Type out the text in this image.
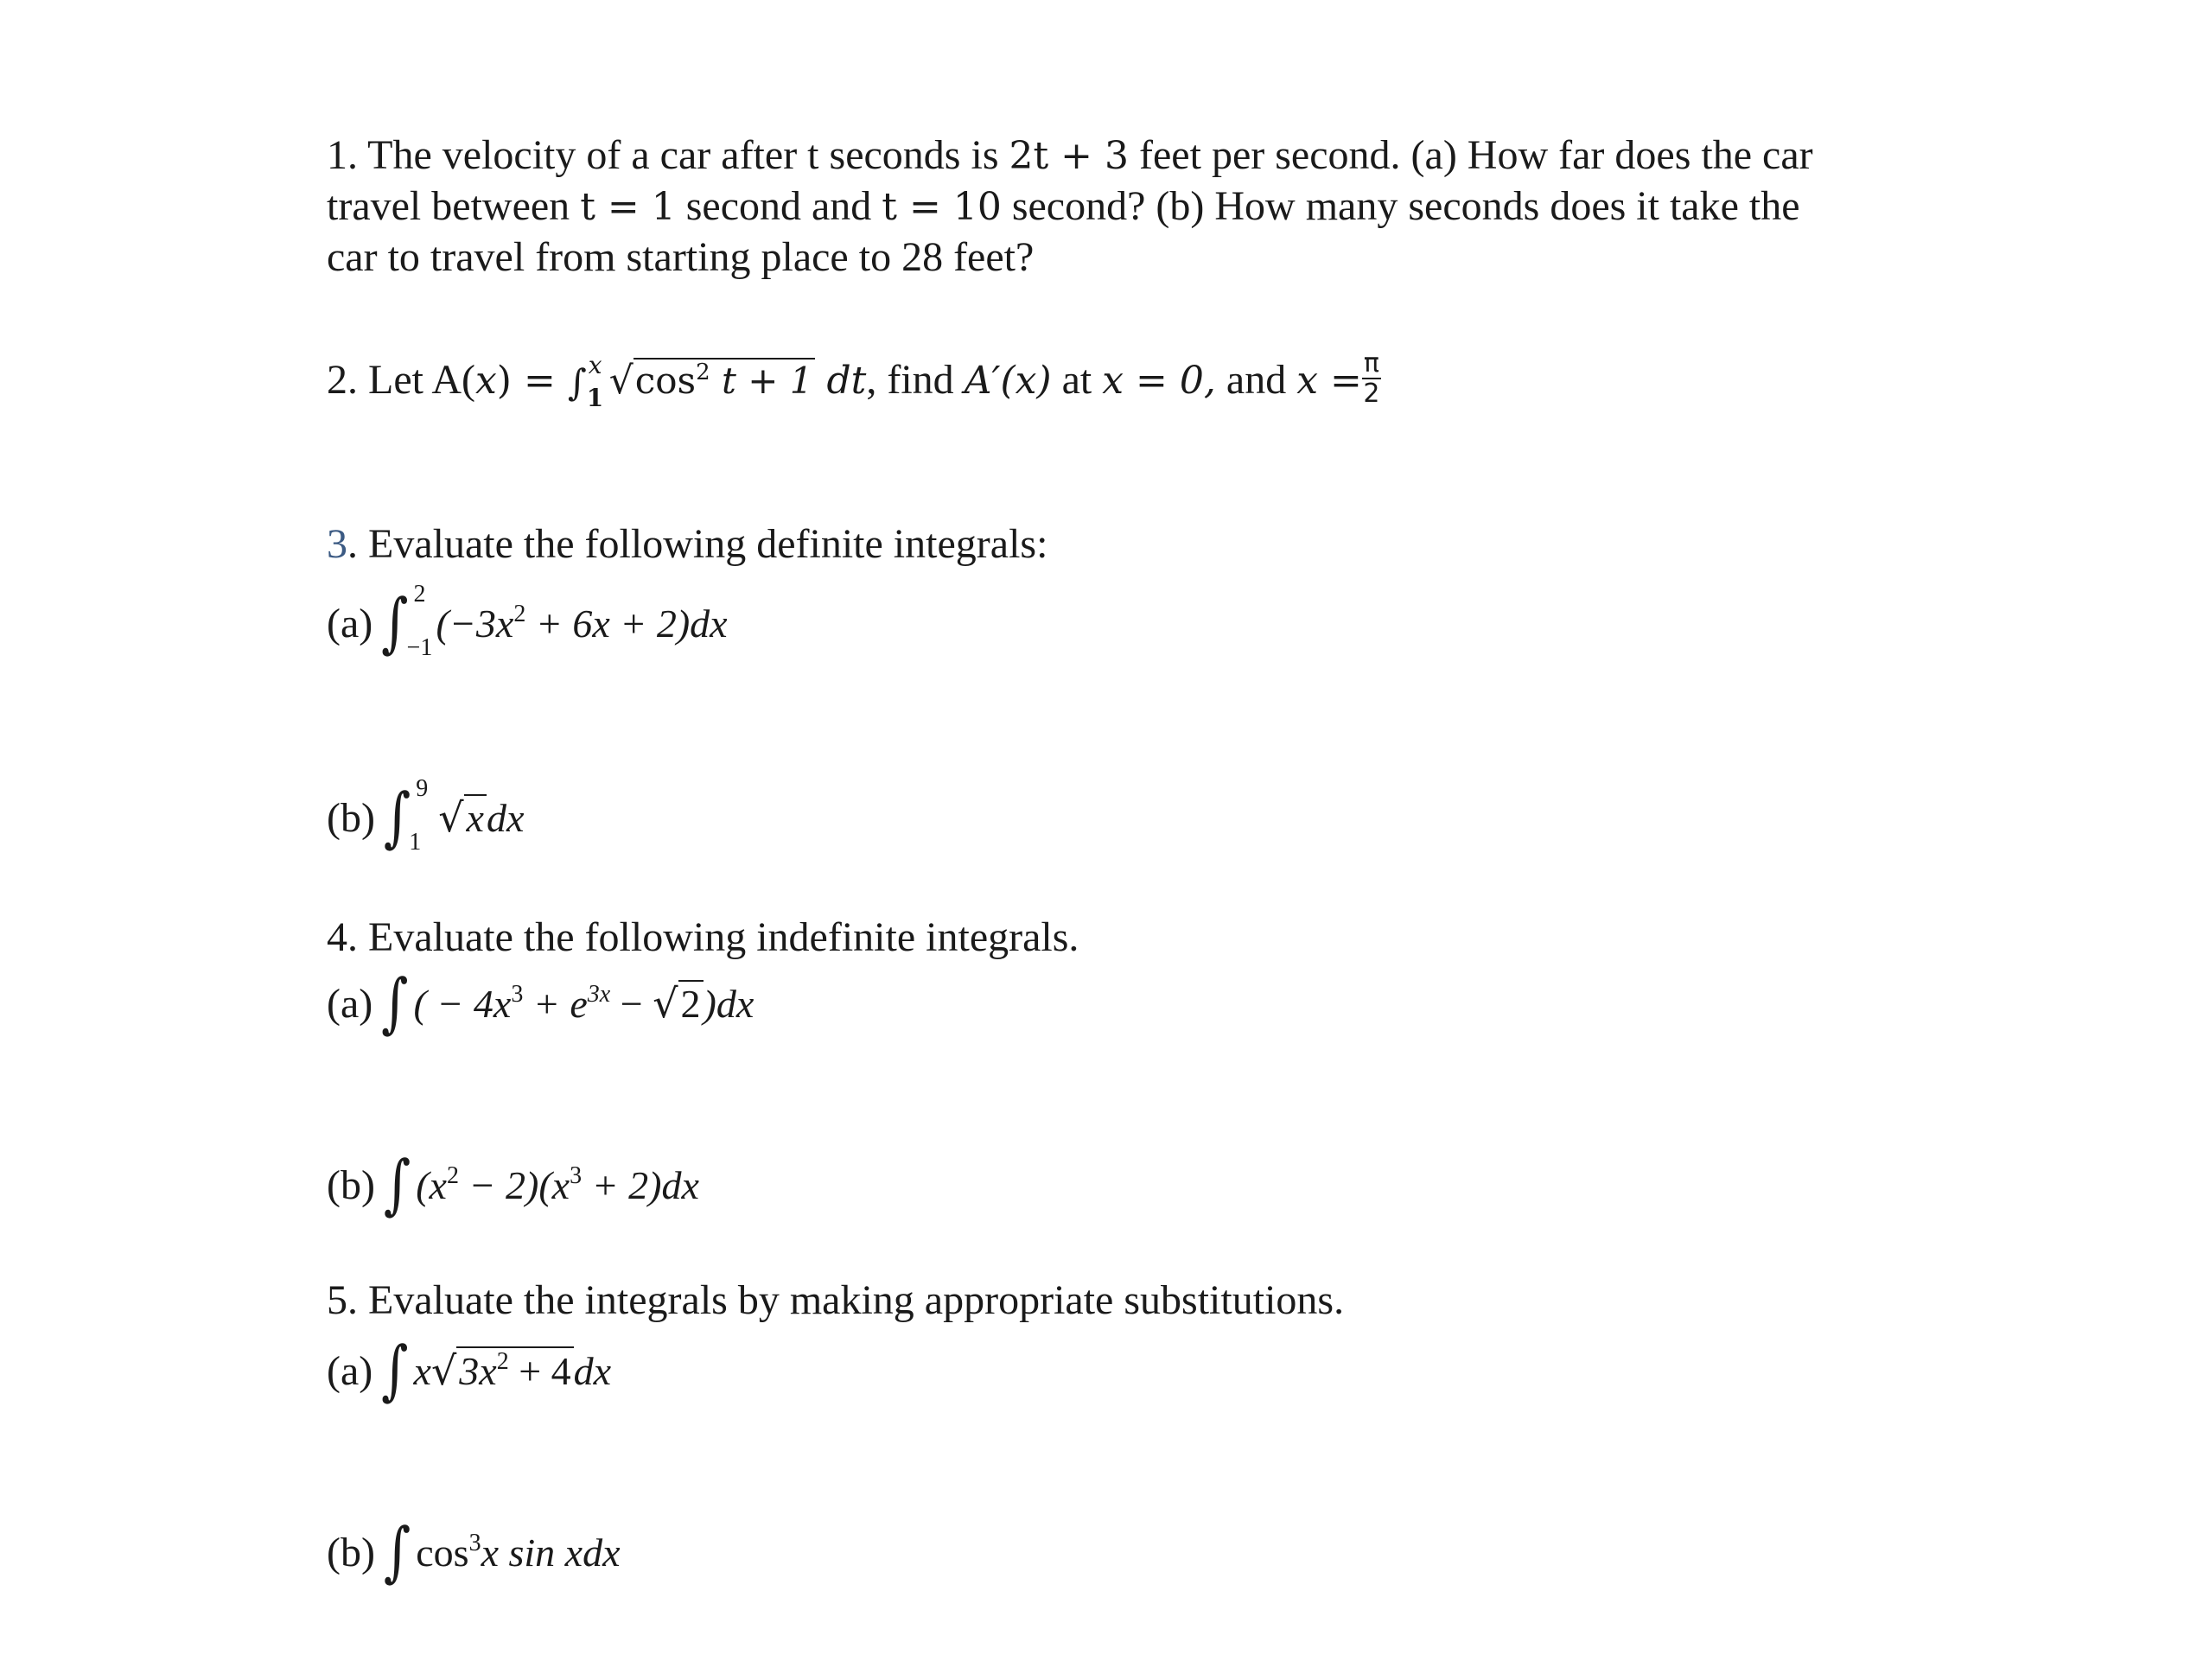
1. The velocity of a car after t seconds is 2t + 3 feet per second. (a) How far does the car
travel between t = 1 second and t = 10 second? (b) How many seconds does it take the
car to travel from starting place to 28 feet?
2. Let A(x) = ∫ x
1 $√\cos^2$ t + 1 dt, find A′(x) at x = 0, and $x = \frac{\pi}{2}$
3. Evaluate the following definite integrals:
(a) ∫ 2
−1
$(-3x^2 + 6x + 2)dx$
(b) ∫ 9
1
√xdx
4. Evaluate the following indefinite integrals.
(a) ∫ ( − $4x^3 + e^{3x} - √2)dx$
(b) ∫ $(x^2 - 2)(x^3 + 2)dx$
5. Evaluate the integrals by making appropriate substitutions.
(a) ∫ $x√3x^2 + 4dx$
(b) ∫ $\cos^3x$ sin xdx
